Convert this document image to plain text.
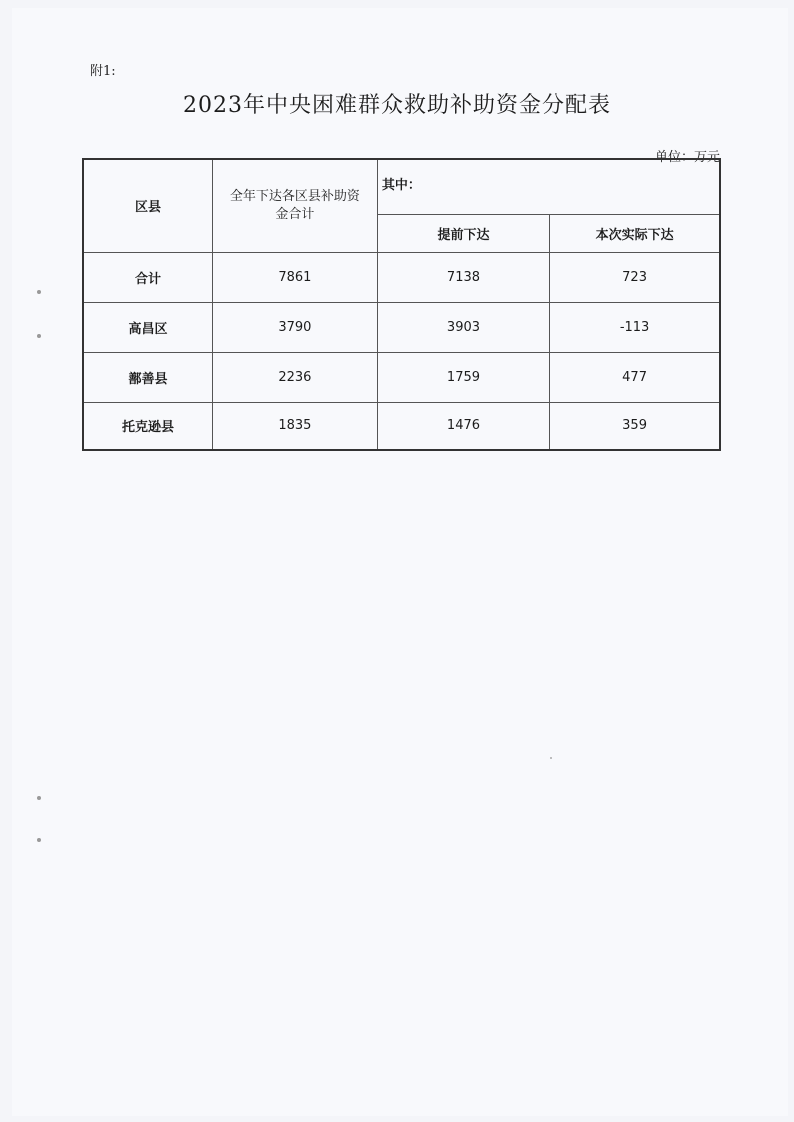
附1:
2023年中央困难群众救助补助资金分配表
单位：万元
区县	全年下达各区县补助资金合计	其中：	
		提前下达	本次实际下达
合计	7861	7138	723
高昌区	3790	3903	-113
鄯善县	2236	1759	477
托克逊县	1835	1476	359
